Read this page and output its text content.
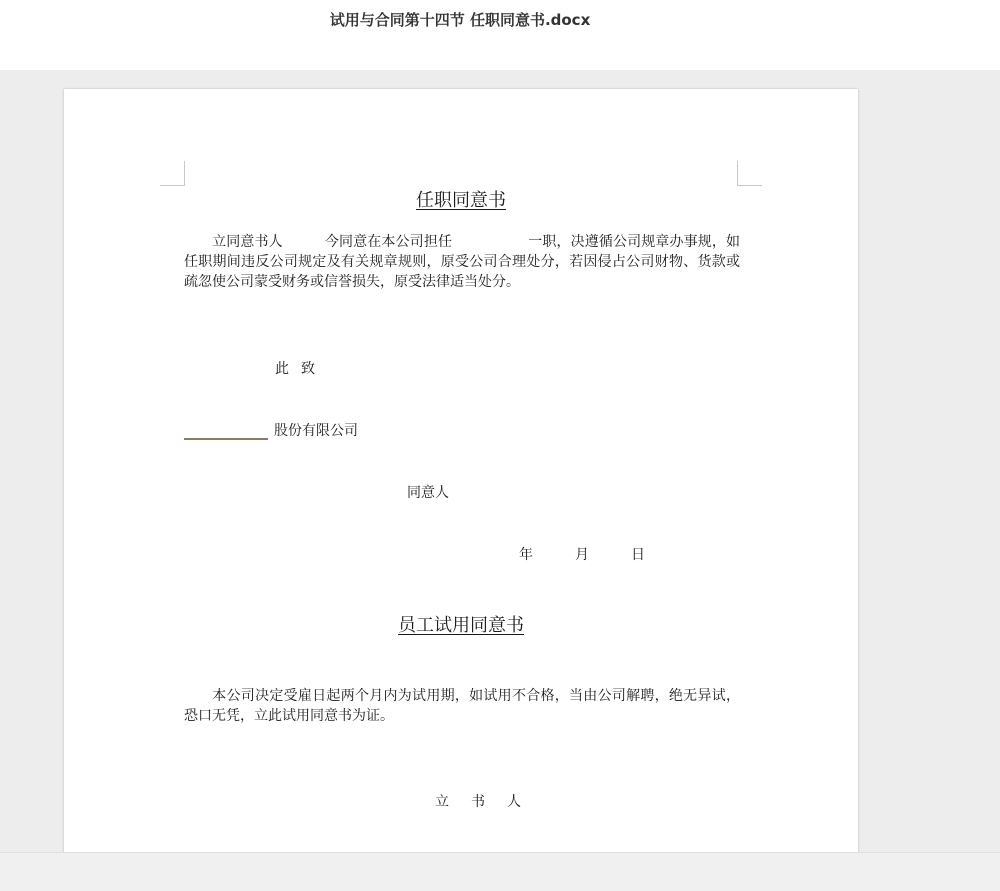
试用与合同第十四节 任职同意书.docx
任职同意书
立同意书人	今同意在本公司担任	一职，决遵循公司规章办事规，如任职期间违反公司规定及有关规章规则，原受公司合理处分，若因侵占公司财物、货款或疏忽使公司蒙受财务或信誉损失，原受法律适当处分。
此致
股份有限公司
同意人
年	月	日
员工试用同意书
本公司决定受雇日起两个月内为试用期，如试用不合格，当由公司解聘，绝无异试，恐口无凭，立此试用同意书为证。
立书人
